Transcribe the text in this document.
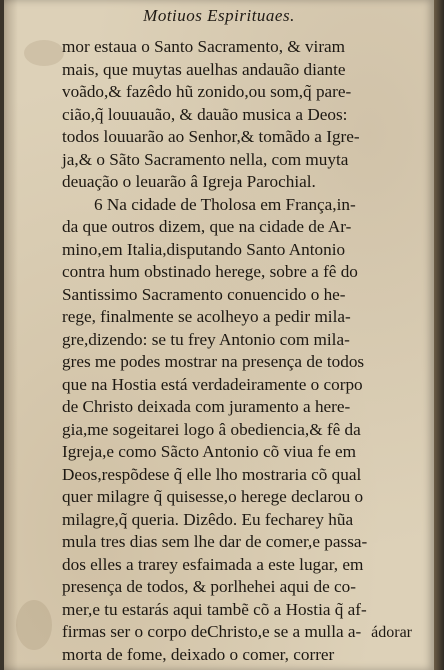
Motiuos Espirituaes.
mor estaua o Santo Sacramento, & viram
mais, que muytas auelhas andauão diante
voãdo,& fazêdo hũ zonido,ou som,q̃ pare-
cião,q̃ louuauão, & dauão musica a Deos:
todos louuarão ao Senhor,& tomãdo a Igre-
ja,& o Sãto Sacramento nella, com muyta
deuação o leuarão â Igreja Parochial.
6 Na cidade de Tholosa em França,in-
da que outros dizem, que na cidade de Ar-
mino,em Italia,disputando Santo Antonio
contra hum obstinado herege, sobre a fê do
Santissimo Sacramento conuencido o he-
rege, finalmente se acolheyo a pedir mila-
gre,dizendo: se tu frey Antonio com mila-
gres me podes mostrar na presença de todos
que na Hostia está verdadeiramente o corpo
de Christo deixada com juramento a here-
gia,me sogeitarei logo â obediencia,& fê da
Igreja,e como Sãcto Antonio cõ viua fe em
Deos,respõdese q̃ elle lho mostraria cõ qual
quer milagre q̃ quisesse,o herege declarou o
milagre,q̃ queria. Dizêdo. Eu fecharey hũa
mula tres dias sem lhe dar de comer,e passa-
dos elles a trarey esfaimada a este lugar, em
presença de todos, & porlhehei aqui de co-
mer,e tu estarás aqui tambẽ cõ a Hostia q̃ af-
firmas ser o corpo deChristo,e se a mulla a-
morta de fome, deixado o comer, correr
ádorar
